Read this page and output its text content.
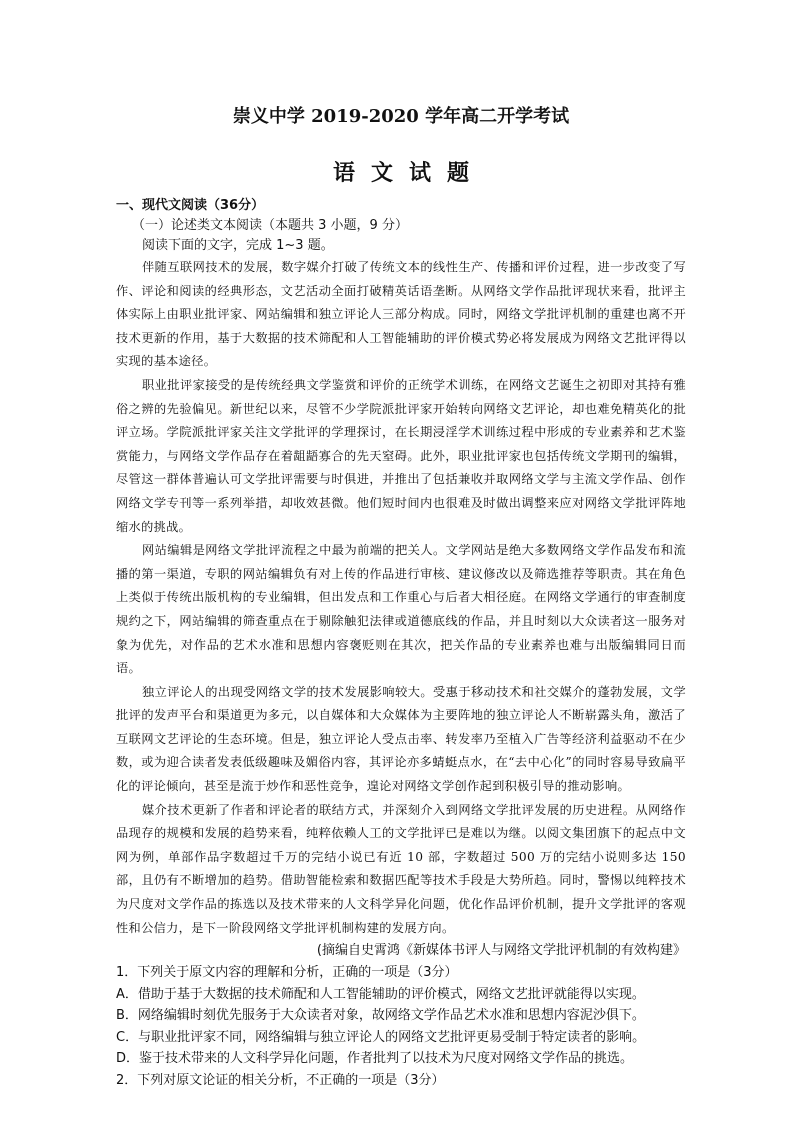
崇义中学 2019-2020 学年高二开学考试
语文试题
一、现代文阅读（36分）
（一）论述类文本阅读（本题共 3 小题，9 分）
阅读下面的文字，完成 1~3 题。

伴随互联网技术的发展，数字媒介打破了传统文本的线性生产、传播和评价过程，进一步改变了写作、评论和阅读的经典形态，文艺活动全面打破精英话语垄断。从网络文学作品批评现状来看，批评主体实际上由职业批评家、网站编辑和独立评论人三部分构成。同时，网络文学批评机制的重建也离不开技术更新的作用，基于大数据的技术筛配和人工智能辅助的评价模式势必将发展成为网络文艺批评得以实现的基本途径。

职业批评家接受的是传统经典文学鉴赏和评价的正统学术训练，在网络文艺诞生之初即对其持有雅俗之辨的先验偏见。新世纪以来，尽管不少学院派批评家开始转向网络文艺评论，却也难免精英化的批评立场。学院派批评家关注文学批评的学理探讨，在长期浸淫学术训练过程中形成的专业素养和艺术鉴赏能力，与网络文学作品存在着龃龉寡合的先天窒碍。此外，职业批评家也包括传统文学期刊的编辑，尽管这一群体普遍认可文学批评需要与时俱进，并推出了包括兼收并取网络文学与主流文学作品、创作网络文学专刊等一系列举措，却收效甚微。他们短时间内也很难及时做出调整来应对网络文学批评阵地缩水的挑战。

网站编辑是网络文学批评流程之中最为前端的把关人。文学网站是绝大多数网络文学作品发布和流播的第一渠道，专职的网站编辑负有对上传的作品进行审核、建议修改以及筛选推荐等职责。其在角色上类似于传统出版机构的专业编辑，但出发点和工作重心与后者大相径庭。在网络文学通行的审查制度规约之下，网站编辑的筛查重点在于剔除触犯法律或道德底线的作品，并且时刻以大众读者这一服务对象为优先，对作品的艺术水准和思想内容褒贬则在其次，把关作品的专业素养也难与出版编辑同日而语。

独立评论人的出现受网络文学的技术发展影响较大。受惠于移动技术和社交媒介的蓬勃发展，文学批评的发声平台和渠道更为多元，以自媒体和大众媒体为主要阵地的独立评论人不断崭露头角，激活了互联网文艺评论的生态环境。但是，独立评论人受点击率、转发率乃至植入广告等经济利益驱动不在少数，或为迎合读者发表低级趣味及媚俗内容，其评论亦多蜻蜓点水，在“去中心化”的同时容易导致扁平化的评论倾向，甚至是流于炒作和恶性竞争，遑论对网络文学创作起到积极引导的推动影响。

媒介技术更新了作者和评论者的联结方式，并深刻介入到网络文学批评发展的历史进程。从网络作品现存的规模和发展的趋势来看，纯粹依赖人工的文学批评已是难以为继。以阅文集团旗下的起点中文网为例，单部作品字数超过千万的完结小说已有近 10 部，字数超过 500 万的完结小说则多达 150 部，且仍有不断增加的趋势。借助智能检索和数据匹配等技术手段是大势所趋。同时，警惕以纯粹技术为尺度对文学作品的拣选以及技术带来的人文科学异化问题，优化作品评价机制，提升文学批评的客观性和公信力，是下一阶段网络文学批评机制构建的发展方向。

(摘编自史霄鸿《新媒体书评人与网络文学批评机制的有效构建》
1．下列关于原文内容的理解和分析，正确的一项是（3分）
A．借助于基于大数据的技术筛配和人工智能辅助的评价模式，网络文艺批评就能得以实现。
B．网络编辑时刻优先服务于大众读者对象，故网络文学作品艺术水准和思想内容泥沙俱下。
C．与职业批评家不同，网络编辑与独立评论人的网络文艺批评更易受制于特定读者的影响。
D．鉴于技术带来的人文科学异化问题，作者批判了以技术为尺度对网络文学作品的挑选。
2．下列对原文论证的相关分析，不正确的一项是（3分）
